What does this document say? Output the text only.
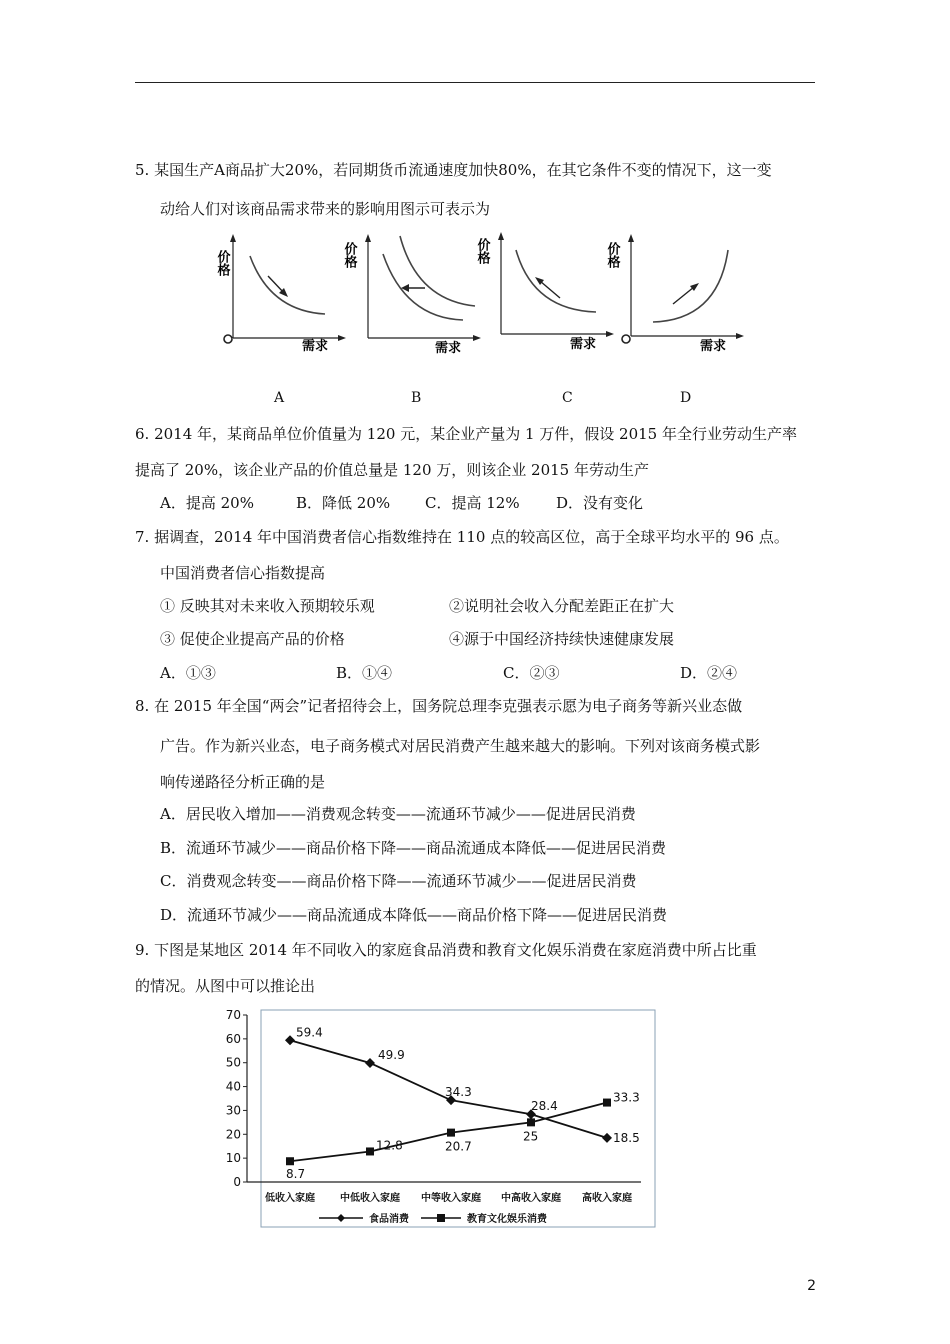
5. 某国生产A商品扩大20%，若同期货币流通速度加快80%，在其它条件不变的情况下，这一变
动给人们对该商品需求带来的影响用图示可表示为
价格
需求
价格
需求
价格
需求
价格
需求
A	B	C	D
6. 2014 年，某商品单位价值量为 120 元，某企业产量为 1 万件，假设 2015 年全行业劳动生产率
提高了 20%，该企业产品的价值总量是 120 万，则该企业 2015 年劳动生产
A．提高 20%	B．降低 20% C．提高 12% D．没有变化
7. 据调查，2014 年中国消费者信心指数维持在 110 点的较高区位，高于全球平均水平的 96 点。
中国消费者信心指数提高
① 反映其对未来收入预期较乐观	②说明社会收入分配差距正在扩大
③ 促使企业提高产品的价格	④源于中国经济持续快速健康发展
A．①③	B．①④	C．②③	D．②④
8. 在 2015 年全国“两会”记者招待会上，国务院总理李克强表示愿为电子商务等新兴业态做
广告。作为新兴业态，电子商务模式对居民消费产生越来越大的影响。下列对该商务模式影
响传递路径分析正确的是
A．居民收入增加——消费观念转变——流通环节减少——促进居民消费
B．流通环节减少——商品价格下降——商品流通成本降低——促进居民消费
C．消费观念转变——商品价格下降——流通环节减少——促进居民消费
D．流通环节减少——商品流通成本降低——商品价格下降——促进居民消费
9. 下图是某地区 2014 年不同收入的家庭食品消费和教育文化娱乐消费在家庭消费中所占比重
的情况。从图中可以推论出
0
10
20
30
40
50
60
70
低收入家庭	中低收入家庭 中等收入家庭 中高收入家庭 高收入家庭
59.4
49.9
34.3
28.4
18.5
8.7
12.8	20.7
25
33.3
食品消费	教育文化娱乐消费
2
